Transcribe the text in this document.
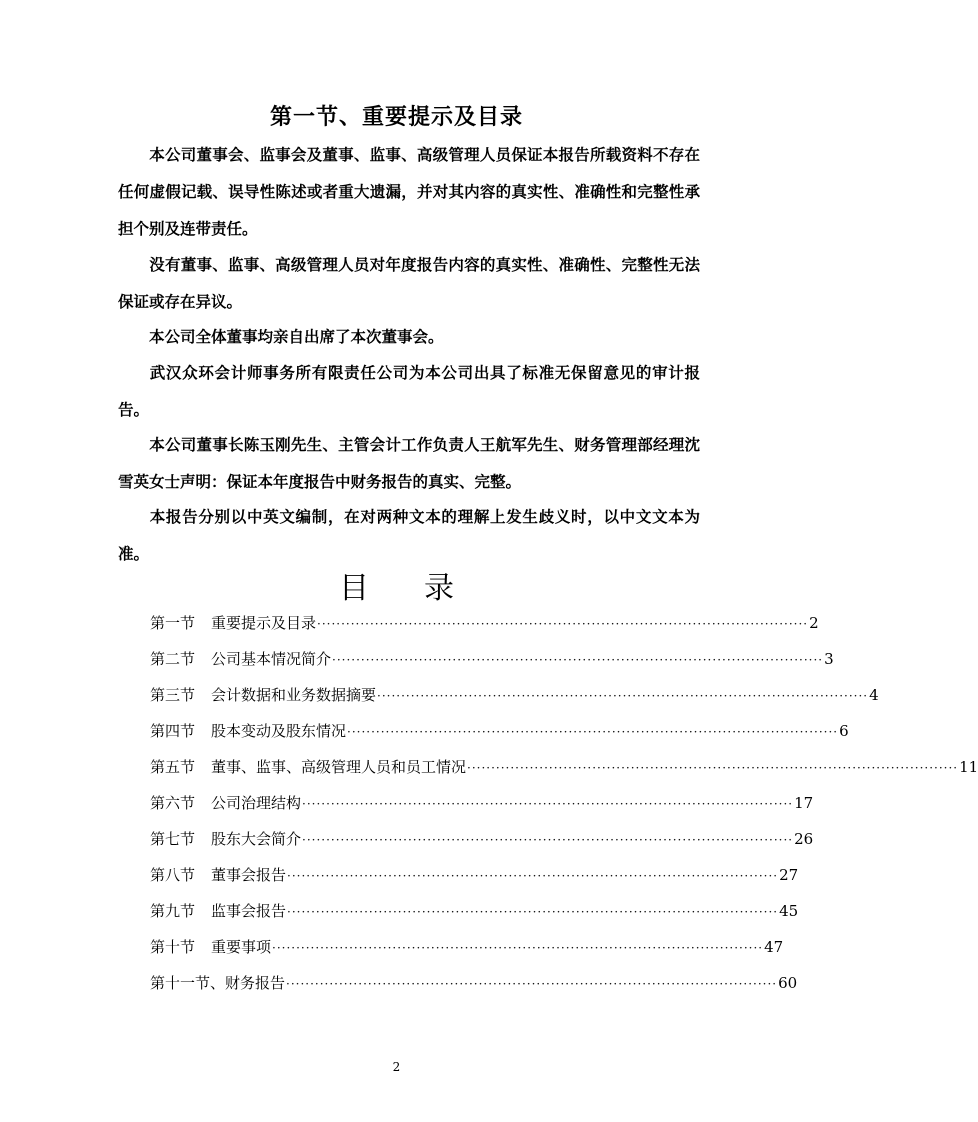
第一节、重要提示及目录
本公司董事会、监事会及董事、监事、高级管理人员保证本报告所载资料不存在任何虚假记载、误导性陈述或者重大遗漏，并对其内容的真实性、准确性和完整性承担个别及连带责任。
没有董事、监事、高级管理人员对年度报告内容的真实性、准确性、完整性无法保证或存在异议。
本公司全体董事均亲自出席了本次董事会。
武汉众环会计师事务所有限责任公司为本公司出具了标准无保留意见的审计报告。
本公司董事长陈玉刚先生、主管会计工作负责人王航军先生、财务管理部经理沈雪英女士声明：保证本年度报告中财务报告的真实、完整。
本报告分别以中英文编制，在对两种文本的理解上发生歧义时，以中文文本为准。
目录
第一节 重要提示及目录 ······································································································ 2
第二节 公司基本情况简介 ······································································································ 3
第三节 会计数据和业务数据摘要 ······································································································ 4
第四节 股本变动及股东情况 ······································································································ 6
第五节 董事、监事、高级管理人员和员工情况 ······································································································ 11
第六节 公司治理结构 ······································································································ 17
第七节 股东大会简介 ······································································································ 26
第八节 董事会报告 ······································································································ 27
第九节 监事会报告 ······································································································ 45
第十节 重要事项 ······································································································ 47
第十一节、 财务报告 ······································································································ 60
2
